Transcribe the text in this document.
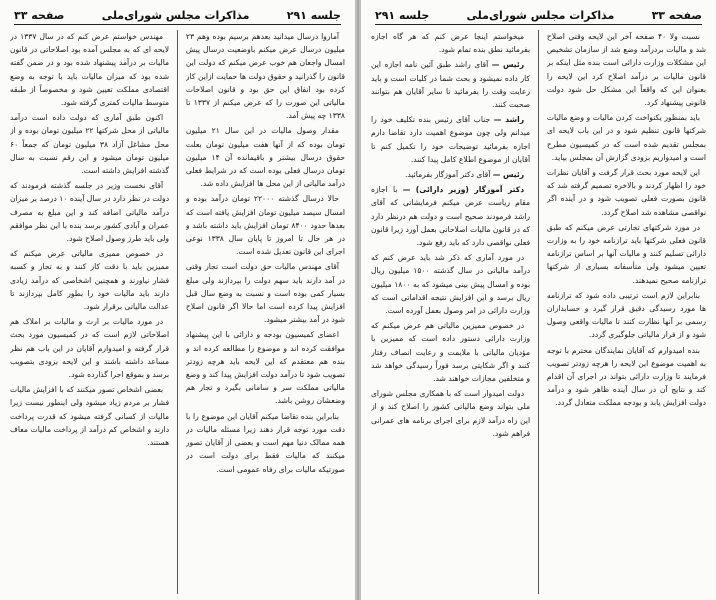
جلسه ۲۹۱
مذاکرات مجلس شورای‌ملی
صفحه ۳۳

آماروا درسال میدانید بعدهم برسیم بوده وهم ۲۳ میلیون درسال عرض میکنم باوضعیت درسال پیش امسال واجعان هم خوب عرض میکنم که دولت این قانون را گذرانید و حقوق دولت ها حمایت ازاین کار کرده بود انفاق این حق بود و قانون اصلاحات مالیاتی این صورت را که عرض میکنم از ۱۳۳۷ تا ۱۳۳۸ چه پیش آمد.

مقدار وصول مالیات در این سال ۲۱ میلیون تومان بوده که از آنها هفت میلیون تومان بعلت حقوق درسال بیشتر و باقیمانده آن ۱۴ میلیون تومان درسال فعلی بوده است که در شرایط فعلی درآمد مالیاتی از این محل ها افزایش داده شد.

حالا درسال گذشته ۲۲۰۰۰ تومان درآمد بوده و امسال سیصد میلیون تومان افزایش یافته است که بعدها حدود ۸۴۰۰ تومان افزایش باید داشته باشد و در هر حال تا امروز تا پایان سال ۱۳۳۸ نوعی اجرای این قانون تعدیل شده است.

آقای مهندس مالیات حق دولت است تجار وقتی در آمد دارند باید سهم دولت را بپردازند ولی مبلغ بسیار کمی بوده است و نسبت به وضع سال قبل افزایش پیدا کرده است اما حالا اگر قانون اصلاح شود در آمد بیشتر میشود.

اعضای کمیسیون بودجه و دارائی با این پیشنهاد موافقت کرده اند و موضوع را مطالعه کرده اند و بنده هم معتقدم که این لایحه باید هرچه زودتر تصویب شود تا درآمد دولت افزایش پیدا کند و وضع مالیاتی مملکت سر و سامانی بگیرد و تجار هم وضعشان روشن باشد.

بنابراین بنده تقاضا میکنم آقایان این موضوع را با دقت مورد توجه قرار دهند زیرا مسئله مالیات در همه ممالک دنیا مهم است و بعضی از آقایان تصور میکنند که مالیات فقط برای دولت است در صورتیکه مالیات برای رفاه عمومی است.

مهندس خواستم عرض کنم که در سال ۱۳۳۷ در لایحه ای که به مجلس آمده بود اصلاحاتی در قانون مالیات بر درآمد پیشنهاد شده بود و در ضمن گفته شده بود که میزان مالیات باید با توجه به وضع اقتصادی مملکت تعیین شود و مخصوصاً از طبقه متوسط مالیات کمتری گرفته شود.

اکنون طبق آماری که دولت داده است درآمد مالیاتی از محل شرکتها ۲۲ میلیون تومان بوده و از محل مشاغل آزاد ۳۸ میلیون تومان که جمعاً ۶۰ میلیون تومان میشود و این رقم نسبت به سال گذشته افزایش داشته است.

آقای نخست وزیر در جلسه گذشته فرمودند که دولت در نظر دارد در سال آینده ۱۰ درصد بر میزان درآمد مالیاتی اضافه کند و این مبلغ به مصرف عمران و آبادی کشور برسد بنده با این نظر موافقم ولی باید طرز وصول اصلاح شود.

در خصوص ممیزی مالیاتی عرض میکنم که ممیزین باید با دقت کار کنند و به تجار و کسبه فشار نیاورند و همچنین اشخاصی که درآمد زیادی دارند باید مالیات خود را بطور کامل بپردازند تا عدالت مالیاتی برقرار شود.

در مورد مالیات بر ارث و مالیات بر املاک هم اصلاحاتی لازم است که در کمیسیون مورد بحث قرار گرفته و امیدوارم آقایان در این باب هم نظر مساعد داشته باشند و این لایحه بزودی بتصویب برسد و بموقع اجرا گذارده شود.

بعضی اشخاص تصور میکنند که با افزایش مالیات فشار بر مردم زیاد میشود ولی اینطور نیست زیرا مالیات از کسانی گرفته میشود که قدرت پرداخت دارند و اشخاص کم درآمد از پرداخت مالیات معاف هستند.

صفحه ۳۳
مذاکرات مجلس شورای‌ملی
جلسه ۲۹۱

نسبت ولا ۴۰ صفحه آخر این لایحه وقتی اصلاح شد و مالیات بردرآمد وضع شد از سازمان تشخیص این مشکلات وزارت دارائی است بنده مثل اینکه بر قانون مالیات بر درآمد اصلاح کرد این لایحه را بعنوان این که واقعاً این مشکل حل شود دولت قانونی پیشنهاد کرد.

باید بمنظور یکنواخت کردن مالیات و وضع مالیات شرکتها قانون تنظیم شود و در این باب لایحه ای بمجلس تقدیم شده است که در کمیسیون مطرح است و امیدواریم بزودی گزارش آن بمجلس بیاید.

این لایحه مورد بحث قرار گرفت و آقایان نظرات خود را اظهار کردند و بالاخره تصمیم گرفته شد که قانون بصورت فعلی تصویب شود و در آینده اگر نواقصی مشاهده شد اصلاح گردد.

در مورد شرکتهای تجارتی عرض میکنم که طبق قانون فعلی شرکتها باید ترازنامه خود را به وزارت دارائی تسلیم کنند و مالیات آنها بر اساس ترازنامه تعیین میشود ولی متأسفانه بسیاری از شرکتها ترازنامه صحیح نمیدهند.

بنابراین لازم است ترتیبی داده شود که ترازنامه ها مورد رسیدگی دقیق قرار گیرد و حسابداران رسمی بر آنها نظارت کنند تا مالیات واقعی وصول شود و از فرار مالیاتی جلوگیری گردد.

بنده امیدوارم که آقایان نمایندگان محترم با توجه به اهمیت موضوع این لایحه را هرچه زودتر تصویب فرمایند تا وزارت دارائی بتواند در اجرای آن اقدام کند و نتایج آن در سال آینده ظاهر شود و درآمد دولت افزایش یابد و بودجه مملکت متعادل گردد.

میخواستم اینجا عرض کنم که هر گاه اجازه بفرمائید نطق بنده تمام شود.

رئیس — آقای راشد طبق آئین نامه اجازه این کار داده نمیشود و بحث شما در کلیات است و باید رعایت وقت را بفرمائید تا سایر آقایان هم بتوانند صحبت کنند.

راشد — جناب آقای رئیس بنده تکلیف خود را میدانم ولی چون موضوع اهمیت دارد تقاضا دارم اجازه بفرمائید توضیحات خود را تکمیل کنم تا آقایان از موضوع اطلاع کامل پیدا کنند.

رئیس — آقای دکتر آموزگار بفرمائید.

دکتر آموزگار (وزیر دارائی) — با اجازه مقام ریاست عرض میکنم فرمایشاتی که آقای راشد فرمودند صحیح است و دولت هم درنظر دارد که در قانون مالیات اصلاحاتی بعمل آورد زیرا قانون فعلی نواقصی دارد که باید رفع شود.

در مورد آماری که ذکر شد باید عرض کنم که درآمد مالیاتی در سال گذشته ۱۵۰۰ میلیون ریال بوده و امسال پیش بینی میشود که به ۱۸۰۰ میلیون ریال برسد و این افزایش نتیجه اقداماتی است که وزارت دارائی در امر وصول بعمل آورده است.

در خصوص ممیزین مالیاتی هم عرض میکنم که وزارت دارائی دستور داده است که ممیزین با مؤدیان مالیاتی با ملایمت و رعایت انصاف رفتار کنند و اگر شکایتی برسد فوراً رسیدگی خواهد شد و متخلفین مجازات خواهند شد.

دولت امیدوار است که با همکاری مجلس شورای ملی بتواند وضع مالیاتی کشور را اصلاح کند و از این راه درآمد لازم برای اجرای برنامه های عمرانی فراهم شود.
